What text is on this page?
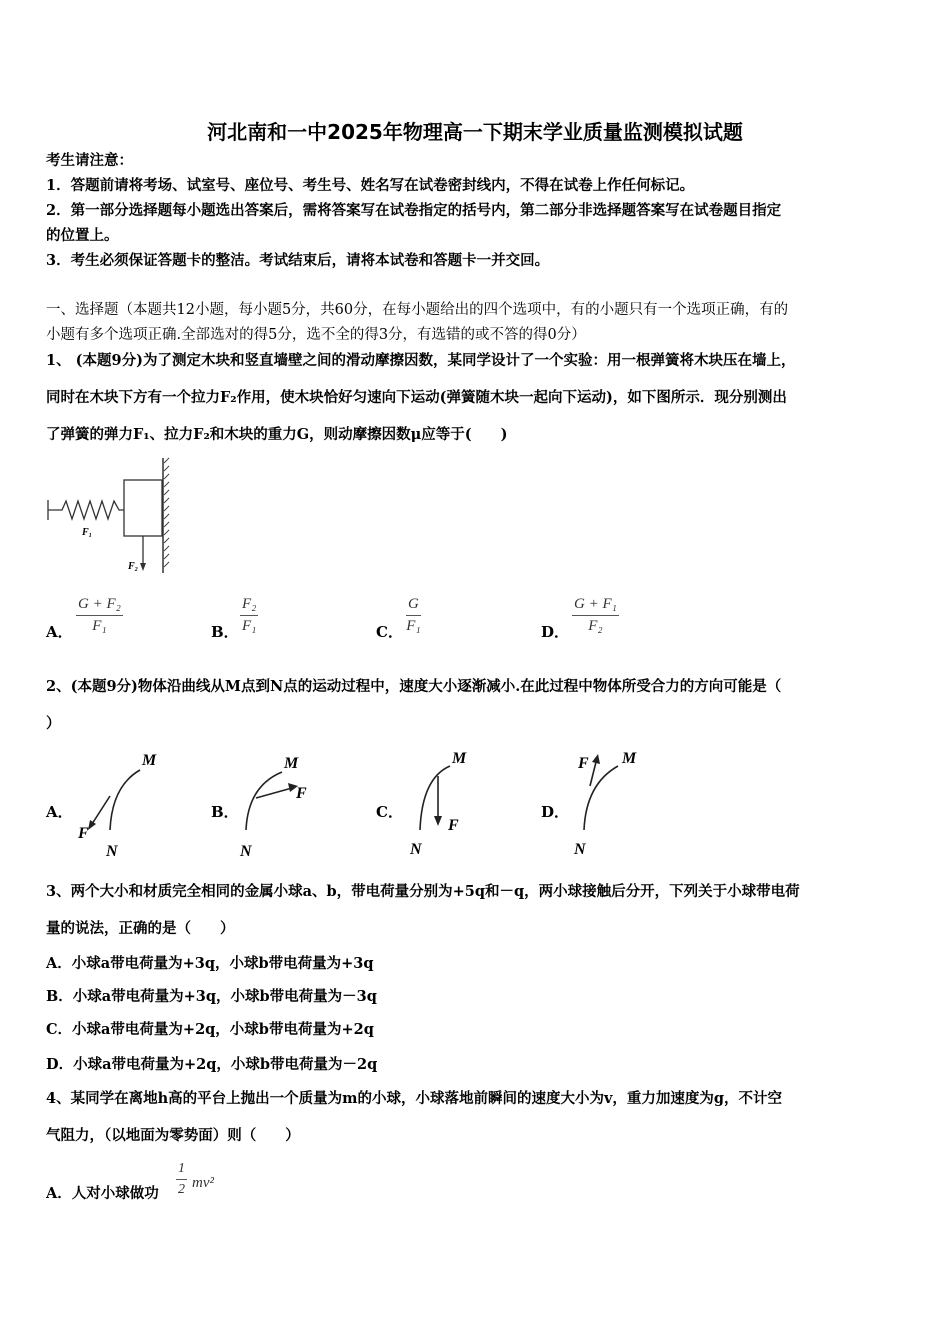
河北南和一中2025年物理高一下期末学业质量监测模拟试题
考生请注意：
1．答题前请将考场、试室号、座位号、考生号、姓名写在试卷密封线内，不得在试卷上作任何标记。
2．第一部分选择题每小题选出答案后，需将答案写在试卷指定的括号内，第二部分非选择题答案写在试卷题目指定
的位置上。
3．考生必须保证答题卡的整洁。考试结束后，请将本试卷和答题卡一并交回。
一、选择题（本题共12小题，每小题5分，共60分，在每小题给出的四个选项中，有的小题只有一个选项正确，有的
小题有多个选项正确.全部选对的得5分，选不全的得3分，有选错的或不答的得0分）
1、 (本题9分)为了测定木块和竖直墙壁之间的滑动摩擦因数，某同学设计了一个实验：用一根弹簧将木块压在墙上，
同时在木块下方有一个拉力F₂作用，使木块恰好匀速向下运动(弹簧随木块一起向下运动)，如下图所示．现分别测出
了弹簧的弹力F₁、拉力F₂和木块的重力G，则动摩擦因数μ应等于(　　)
F₁
F₂
A． $\frac{\text{G + F₂}}{\text{F₁}}$	B． $\frac{\text{F₂}}{\text{F₁}}$	C． $\frac{G}{\text{F₁}}$	D． $\frac{\text{G + F₁}}{\text{F₂}}$
2、(本题9分)物体沿曲线从M点到N点的运动过程中，速度大小逐渐减小.在此过程中物体所受合力的方向可能是（
）
A．
M
N
F
B．
M
N
F
C．
M
N
F
D．
M
N
F
3、两个大小和材质完全相同的金属小球a、b，带电荷量分别为+5q和－q，两小球接触后分开，下列关于小球带电荷
量的说法，正确的是（　　）
A．小球a带电荷量为+3q，小球b带电荷量为+3q
B．小球a带电荷量为+3q，小球b带电荷量为－3q
C．小球a带电荷量为+2q，小球b带电荷量为+2q
D．小球a带电荷量为+2q，小球b带电荷量为－2q
4、某同学在离地h高的平台上抛出一个质量为m的小球，小球落地前瞬间的速度大小为v，重力加速度为g，不计空
气阻力，（以地面为零势面）则（　　）
A．人对小球做功 $\frac{1}{2} mv^2$
